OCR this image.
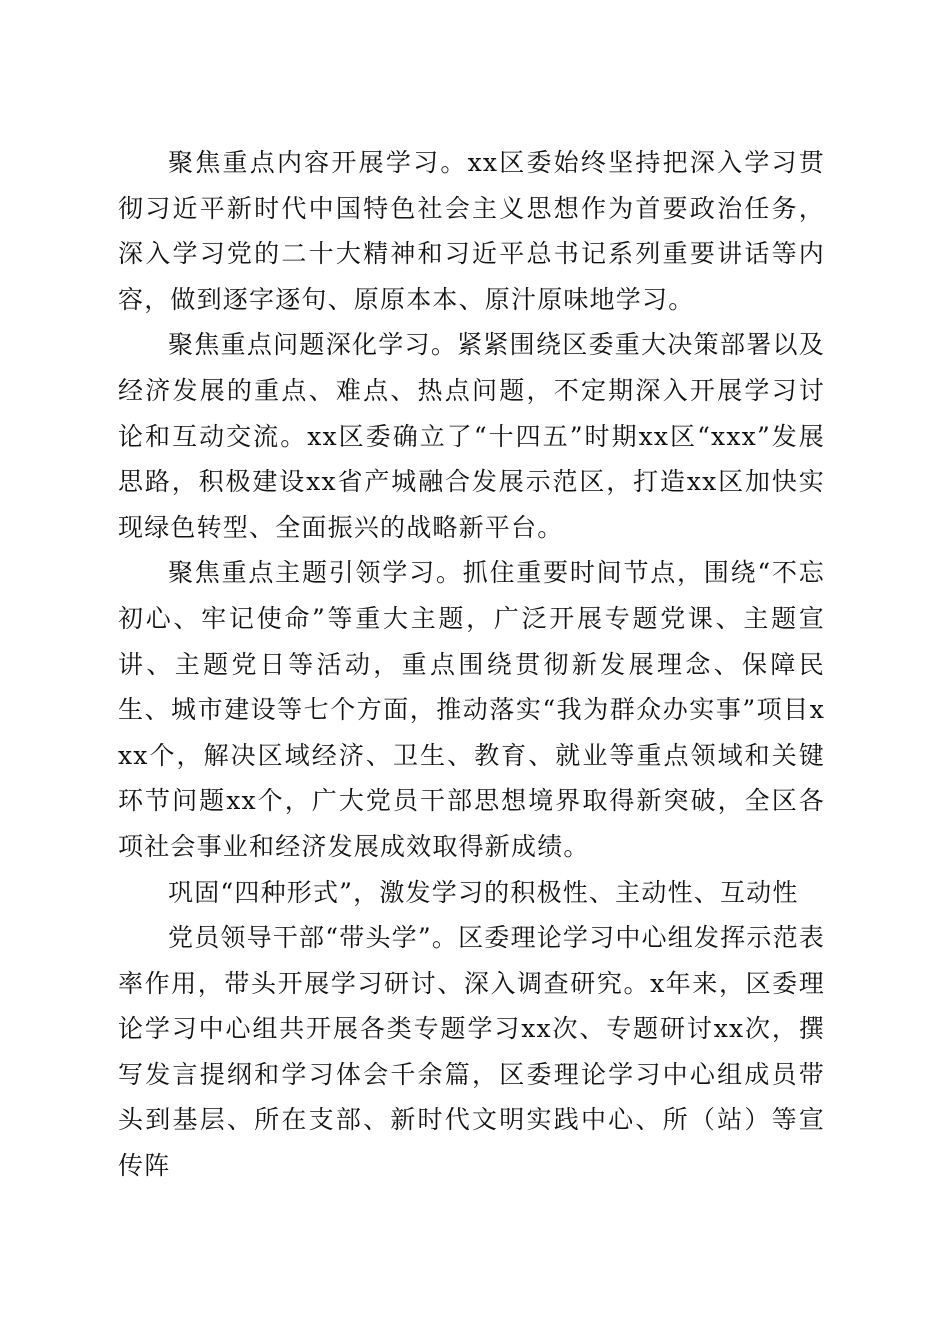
聚焦重点内容开展学习。xx区委始终坚持把深入学习贯彻习近平新时代中国特色社会主义思想作为首要政治任务，深入学习党的二十大精神和习近平总书记系列重要讲话等内容，做到逐字逐句、原原本本、原汁原味地学习。

聚焦重点问题深化学习。紧紧围绕区委重大决策部署以及经济发展的重点、难点、热点问题，不定期深入开展学习讨论和互动交流。xx区委确立了“十四五”时期xx区“xxx”发展思路，积极建设xx省产城融合发展示范区，打造xx区加快实现绿色转型、全面振兴的战略新平台。

聚焦重点主题引领学习。抓住重要时间节点，围绕“不忘初心、牢记使命”等重大主题，广泛开展专题党课、主题宣讲、主题党日等活动，重点围绕贯彻新发展理念、保障民生、城市建设等七个方面，推动落实“我为群众办实事”项目xxx个，解决区域经济、卫生、教育、就业等重点领域和关键环节问题xx个，广大党员干部思想境界取得新突破，全区各项社会事业和经济发展成效取得新成绩。

巩固“四种形式”，激发学习的积极性、主动性、互动性

党员领导干部“带头学”。区委理论学习中心组发挥示范表率作用，带头开展学习研讨、深入调查研究。x年来，区委理论学习中心组共开展各类专题学习xx次、专题研讨xx次，撰写发言提纲和学习体会千余篇，区委理论学习中心组成员带头到基层、所在支部、新时代文明实践中心、所（站）等宣传阵
